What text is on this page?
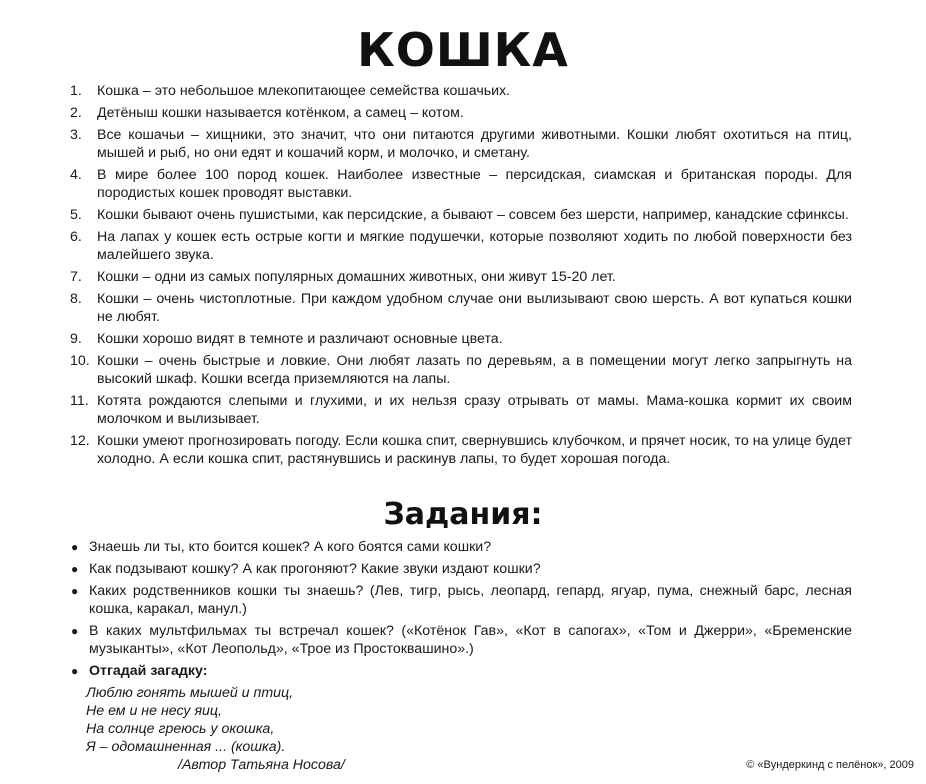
КОШКА
1.	Кошка – это небольшое млекопитающее семейства кошачьих.
2.	Детёныш кошки называется котёнком, а самец – котом.
3.	Все кошачьи – хищники, это значит, что они питаются другими животными. Кошки любят охотиться на птиц, мышей и рыб, но они едят и кошачий корм, и молочко, и сметану.
4.	В мире более 100 пород кошек. Наиболее известные – персидская, сиамская и британская породы. Для породистых кошек проводят выставки.
5.	Кошки бывают очень пушистыми, как персидские, а бывают – совсем без шерсти, например, канадские сфинксы.
6.	На лапах у кошек есть острые когти и мягкие подушечки, которые позволяют ходить по любой поверхности без малейшего звука.
7.	Кошки – одни из самых популярных домашних животных, они живут 15-20 лет.
8.	Кошки – очень чистоплотные. При каждом удобном случае они вылизывают свою шерсть. А вот купаться кошки не любят.
9.	Кошки хорошо видят в темноте и различают основные цвета.
10. Кошки – очень быстрые и ловкие. Они любят лазать по деревьям, а в помещении могут легко запрыгнуть на высокий шкаф. Кошки всегда приземляются на лапы.
11. Котята рождаются слепыми и глухими, и их нельзя сразу отрывать от мамы. Мама-кошка кормит их своим молочком и вылизывает.
12. Кошки умеют прогнозировать погоду. Если кошка спит, свернувшись клубочком, и прячет носик, то на улице будет холодно. А если кошка спит, растянувшись и раскинув лапы, то будет хорошая погода.
Задания:
● Знаешь ли ты, кто боится кошек? А кого боятся сами кошки?
● Как подзывают кошку? А как прогоняют? Какие звуки издают кошки?
● Каких родственников кошки ты знаешь? (Лев, тигр, рысь, леопард, гепард, ягуар, пума, снежный барс, лесная кошка, каракал, манул.)
● В каких мультфильмах ты встречал кошек? («Котёнок Гав», «Кот в сапогах», «Том и Джерри», «Бременские музыканты», «Кот Леопольд», «Трое из Простоквашино».)
● Отгадай загадку:
Люблю гонять мышей и птиц,
Не ем и не несу яиц,
На солнце греюсь у окошка,
Я – одомашненная ... (кошка).
/Автор Татьяна Носова/	© «Вундеркинд с пелёнок», 2009
